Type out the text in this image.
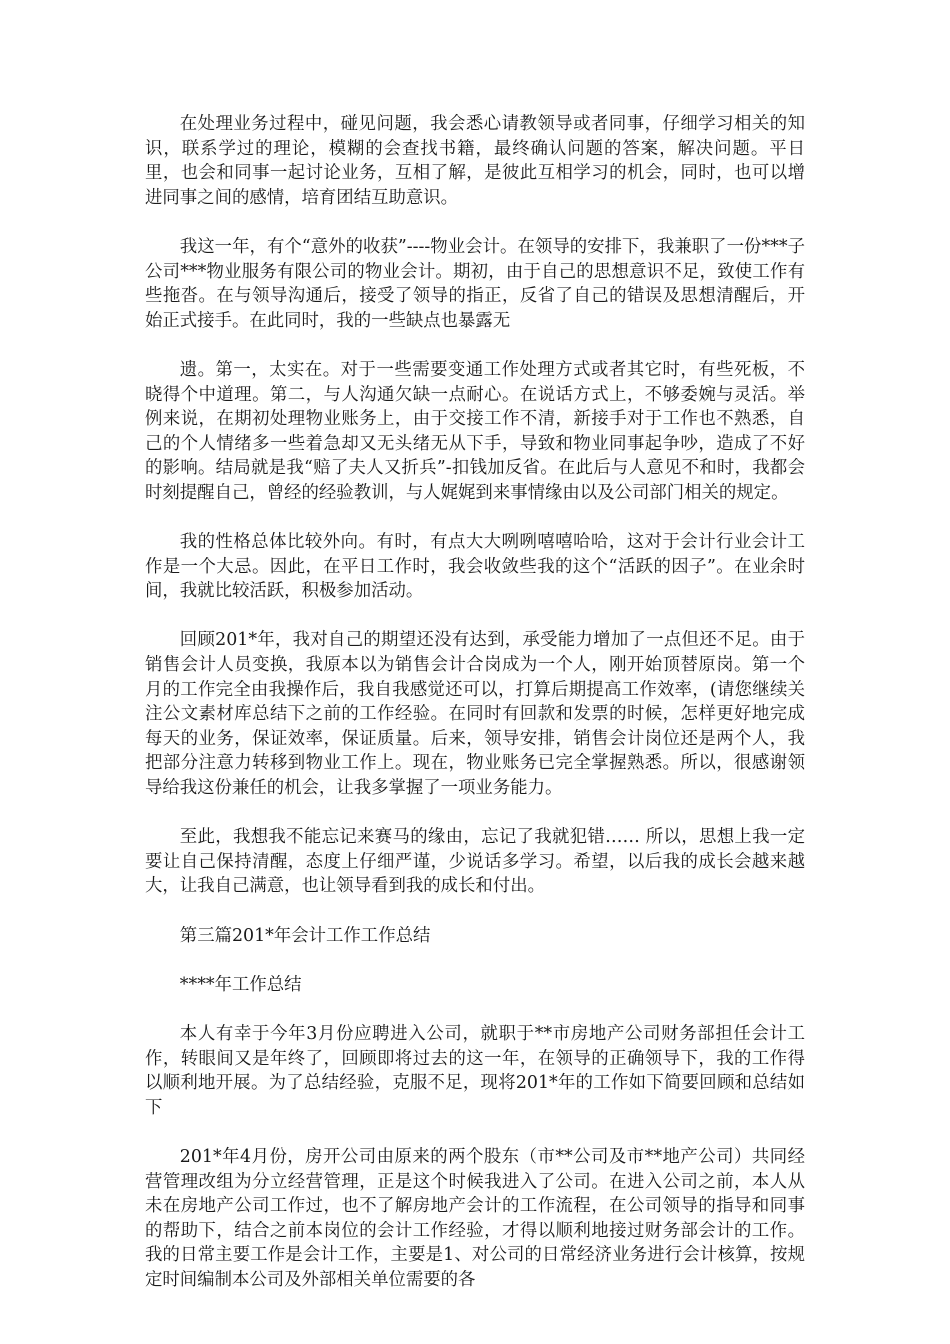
在处理业务过程中，碰见问题，我会悉心请教领导或者同事，仔细学习相关的知识，联系学过的理论，模糊的会查找书籍，最终确认问题的答案，解决问题。平日里，也会和同事一起讨论业务，互相了解，是彼此互相学习的机会，同时，也可以增进同事之间的感情，培育团结互助意识。

我这一年，有个“意外的收获”----物业会计。在领导的安排下，我兼职了一份***子公司***物业服务有限公司的物业会计。期初，由于自己的思想意识不足，致使工作有些拖沓。在与领导沟通后，接受了领导的指正，反省了自己的错误及思想清醒后，开始正式接手。在此同时，我的一些缺点也暴露无

遗。第一，太实在。对于一些需要变通工作处理方式或者其它时，有些死板，不晓得个中道理。第二，与人沟通欠缺一点耐心。在说话方式上，不够委婉与灵活。举例来说，在期初处理物业账务上，由于交接工作不清，新接手对于工作也不熟悉，自己的个人情绪多一些着急却又无头绪无从下手，导致和物业同事起争吵，造成了不好的影响。结局就是我“赔了夫人又折兵”-扣钱加反省。在此后与人意见不和时，我都会时刻提醒自己，曾经的经验教训，与人娓娓到来事情缘由以及公司部门相关的规定。

我的性格总体比较外向。有时，有点大大咧咧嘻嘻哈哈，这对于会计行业会计工作是一个大忌。因此，在平日工作时，我会收敛些我的这个“活跃的因子”。在业余时间，我就比较活跃，积极参加活动。

回顾201*年，我对自己的期望还没有达到，承受能力增加了一点但还不足。由于销售会计人员变换，我原本以为销售会计合岗成为一个人，刚开始顶替原岗。第一个月的工作完全由我操作后，我自我感觉还可以，打算后期提高工作效率，(请您继续关注公文素材库总结下之前的工作经验。在同时有回款和发票的时候，怎样更好地完成每天的业务，保证效率，保证质量。后来，领导安排，销售会计岗位还是两个人，我把部分注意力转移到物业工作上。现在，物业账务已完全掌握熟悉。所以，很感谢领导给我这份兼任的机会，让我多掌握了一项业务能力。

至此，我想我不能忘记来赛马的缘由，忘记了我就犯错…… 所以，思想上我一定要让自己保持清醒，态度上仔细严谨，少说话多学习。希望，以后我的成长会越来越大，让我自己满意，也让领导看到我的成长和付出。

第三篇201*年会计工作工作总结

****年工作总结

本人有幸于今年3月份应聘进入公司，就职于**市房地产公司财务部担任会计工作，转眼间又是年终了，回顾即将过去的这一年，在领导的正确领导下，我的工作得以顺利地开展。为了总结经验，克服不足，现将201*年的工作如下简要回顾和总结如下

201*年4月份，房开公司由原来的两个股东（市**公司及市**地产公司）共同经营管理改组为分立经营管理，正是这个时候我进入了公司。在进入公司之前，本人从未在房地产公司工作过，也不了解房地产会计的工作流程，在公司领导的指导和同事的帮助下，结合之前本岗位的会计工作经验，才得以顺利地接过财务部会计的工作。 我的日常主要工作是会计工作，主要是1、对公司的日常经济业务进行会计核算，按规定时间编制本公司及外部相关单位需要的各
